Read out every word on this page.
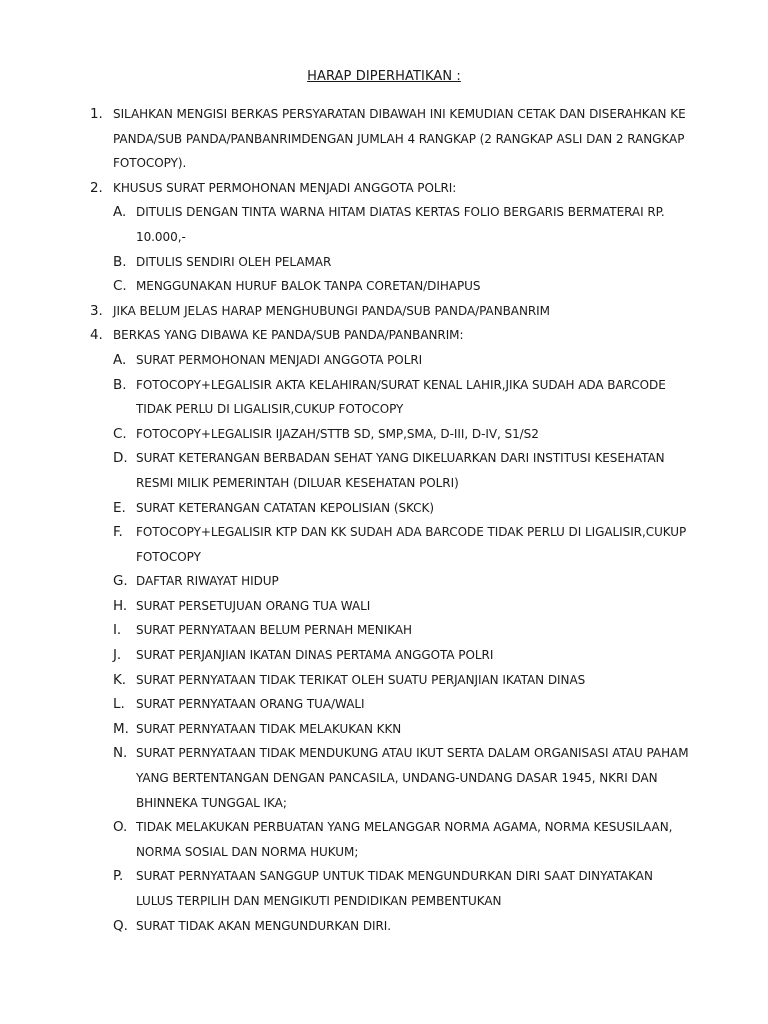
HARAP DIPERHATIKAN :
1. SILAHKAN MENGISI BERKAS PERSYARATAN DIBAWAH INI KEMUDIAN CETAK DAN DISERAHKAN KE PANDA/SUB PANDA/PANBANRIMDENGAN JUMLAH 4 RANGKAP (2 RANGKAP ASLI DAN 2 RANGKAP FOTOCOPY).
2. KHUSUS SURAT PERMOHONAN MENJADI ANGGOTA POLRI:
A. DITULIS DENGAN TINTA WARNA HITAM DIATAS KERTAS FOLIO BERGARIS BERMATERAI RP. 10.000,-
B. DITULIS SENDIRI OLEH PELAMAR
C. MENGGUNAKAN HURUF BALOK TANPA CORETAN/DIHAPUS
3. JIKA BELUM JELAS HARAP MENGHUBUNGI PANDA/SUB PANDA/PANBANRIM
4. BERKAS YANG DIBAWA KE PANDA/SUB PANDA/PANBANRIM:
A. SURAT PERMOHONAN MENJADI ANGGOTA POLRI
B. FOTOCOPY+LEGALISIR AKTA KELAHIRAN/SURAT KENAL LAHIR,JIKA SUDAH ADA BARCODE TIDAK PERLU DI LIGALISIR,CUKUP FOTOCOPY
C. FOTOCOPY+LEGALISIR IJAZAH/STTB SD, SMP,SMA, D-III, D-IV, S1/S2
D. SURAT KETERANGAN BERBADAN SEHAT YANG DIKELUARKAN DARI INSTITUSI KESEHATAN RESMI MILIK PEMERINTAH (DILUAR KESEHATAN POLRI)
E. SURAT KETERANGAN CATATAN KEPOLISIAN (SKCK)
F.	FOTOCOPY+LEGALISIR KTP DAN KK SUDAH ADA BARCODE TIDAK PERLU DI LIGALISIR,CUKUP FOTOCOPY
G. DAFTAR RIWAYAT HIDUP
H. SURAT PERSETUJUAN ORANG TUA WALI
I.	SURAT PERNYATAAN BELUM PERNAH MENIKAH
J.	SURAT PERJANJIAN IKATAN DINAS PERTAMA ANGGOTA POLRI
K. SURAT PERNYATAAN TIDAK TERIKAT OLEH SUATU PERJANJIAN IKATAN DINAS
L. SURAT PERNYATAAN ORANG TUA/WALI
M. SURAT PERNYATAAN TIDAK MELAKUKAN KKN
N. SURAT PERNYATAAN TIDAK MENDUKUNG ATAU IKUT SERTA DALAM ORGANISASI ATAU PAHAM YANG BERTENTANGAN DENGAN PANCASILA, UNDANG-UNDANG DASAR 1945, NKRI DAN BHINNEKA TUNGGAL IKA;
O. TIDAK MELAKUKAN PERBUATAN YANG MELANGGAR NORMA AGAMA, NORMA KESUSILAAN, NORMA SOSIAL DAN NORMA HUKUM;
P.	SURAT PERNYATAAN SANGGUP UNTUK TIDAK MENGUNDURKAN DIRI SAAT DINYATAKAN LULUS TERPILIH DAN MENGIKUTI PENDIDIKAN PEMBENTUKAN
Q. SURAT TIDAK AKAN MENGUNDURKAN DIRI.
